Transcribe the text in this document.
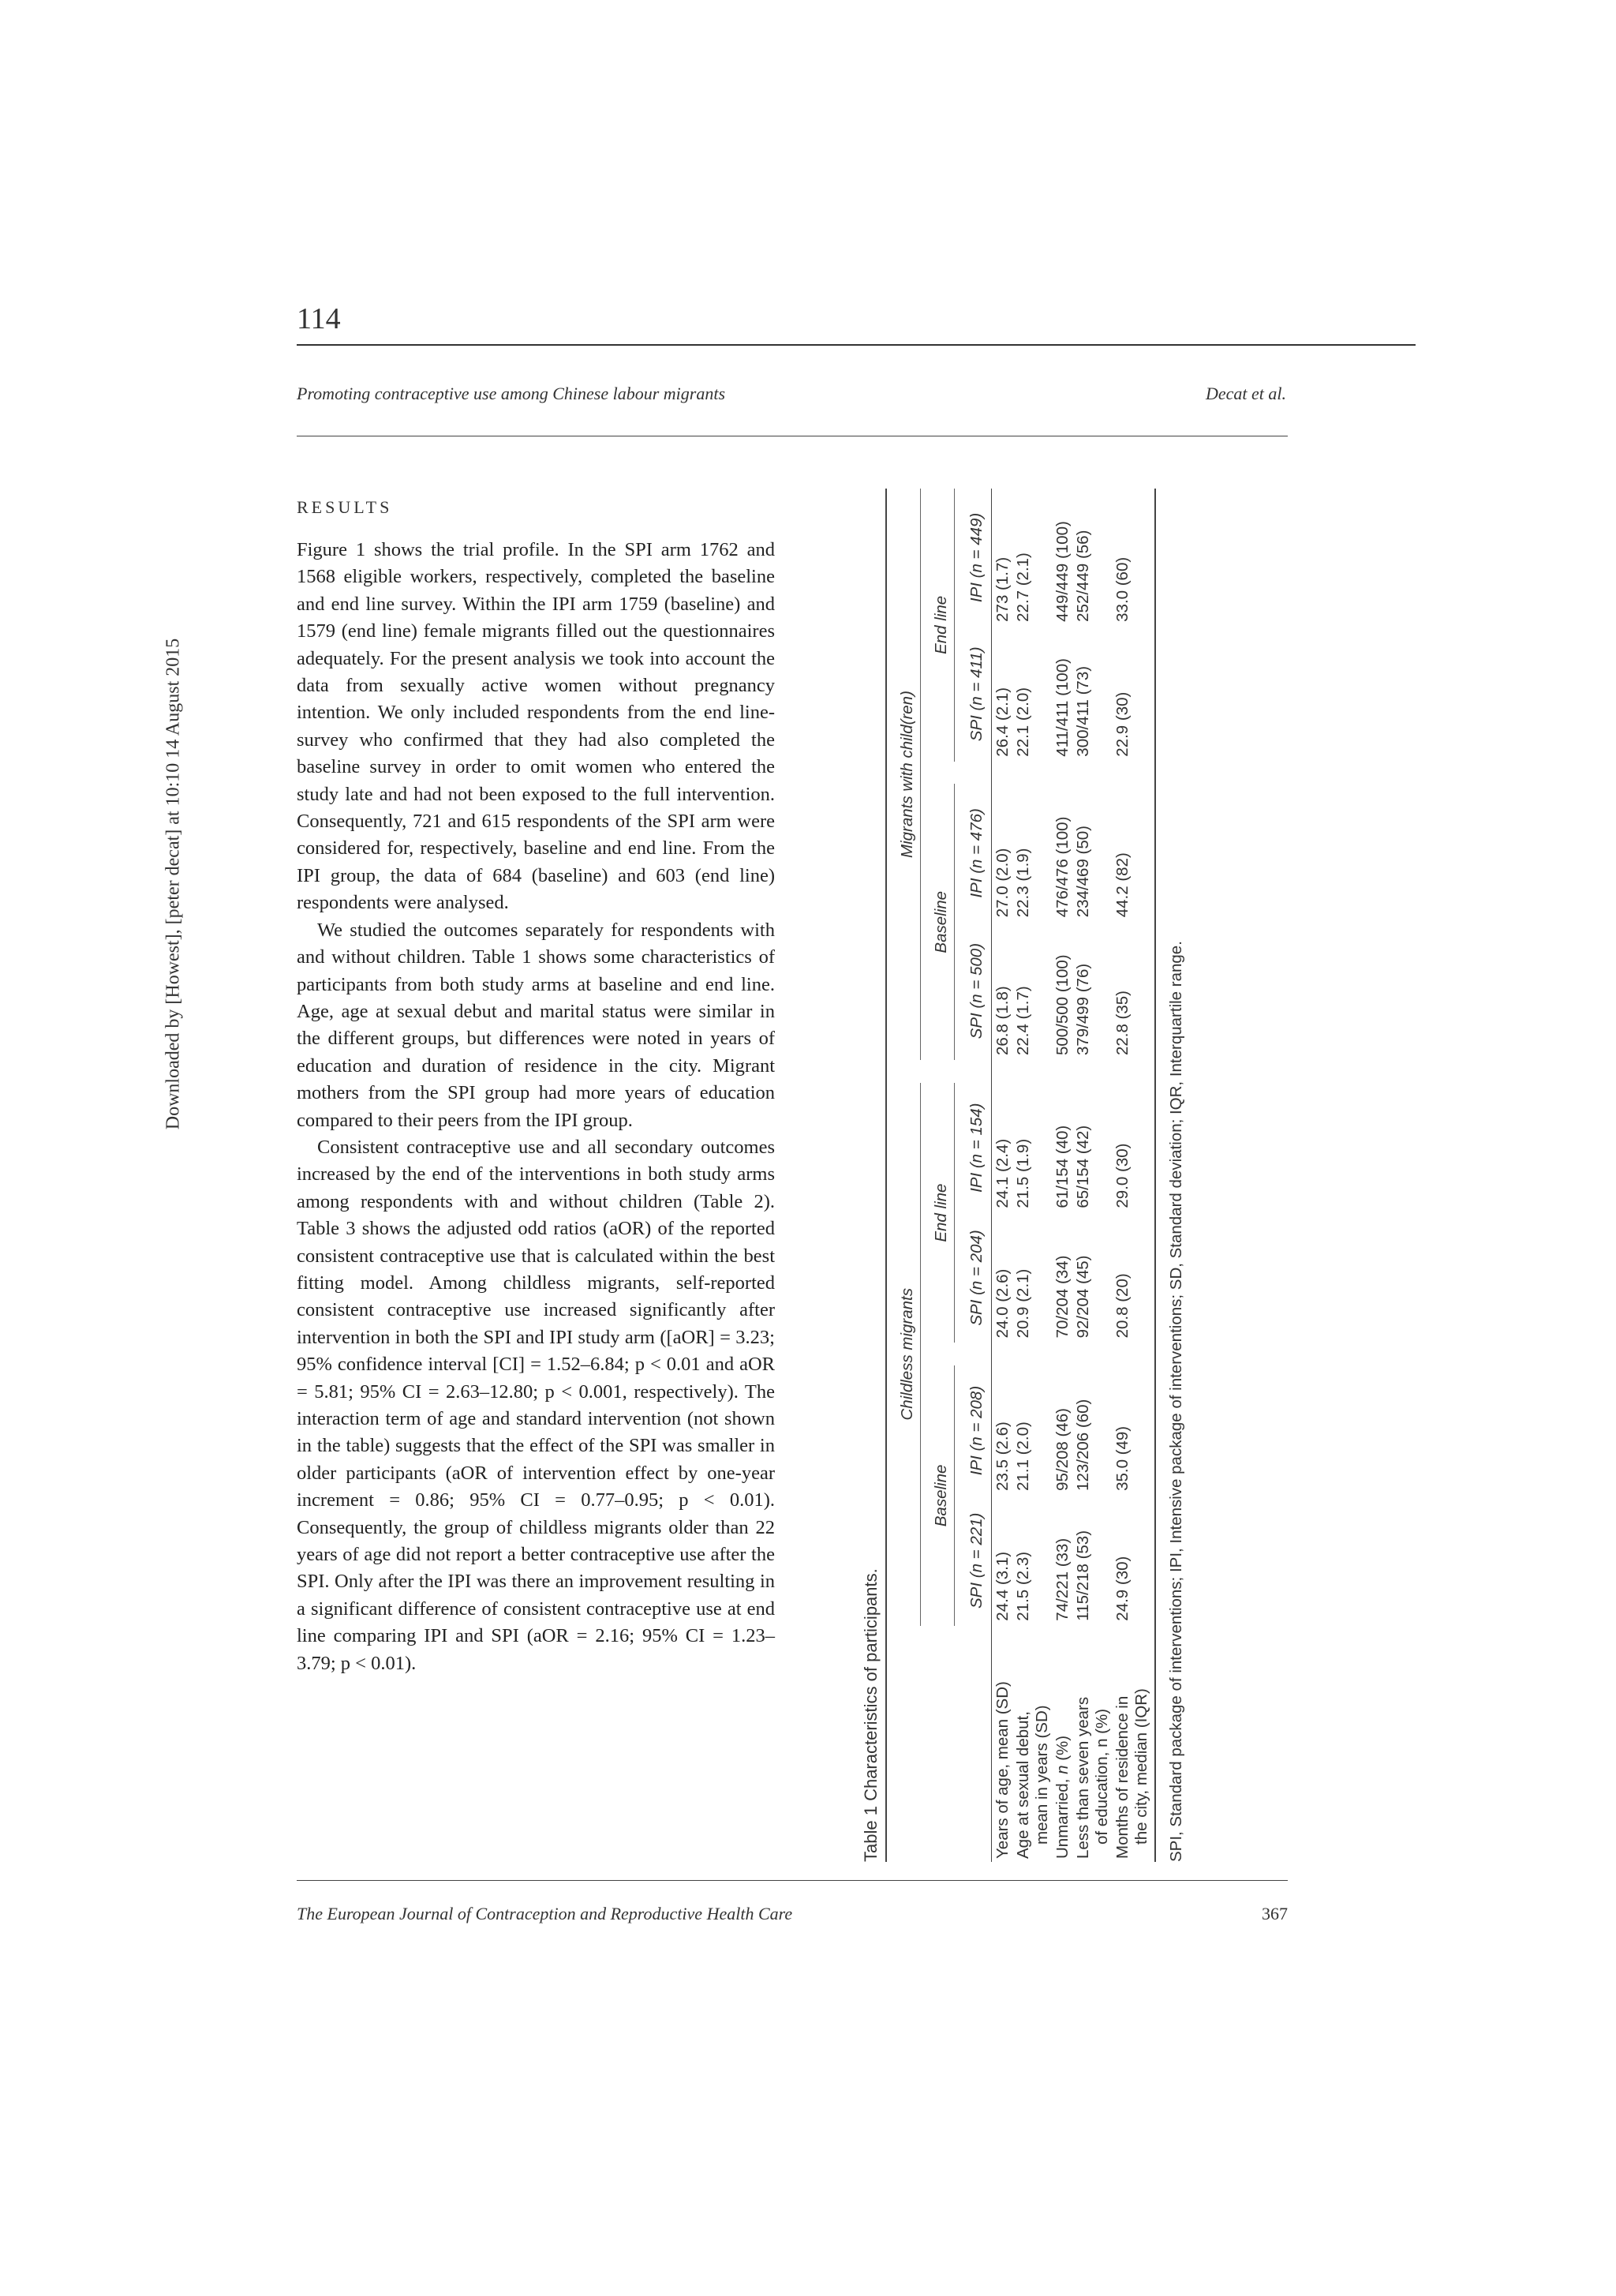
114
Promoting contraceptive use among Chinese labour migrants	Decat et al.
Downloaded by [Howest], [peter decat] at 10:10 14 August 2015
RESULTS

Figure 1 shows the trial profile. In the SPI arm 1762 and 1568 eligible workers, respectively, completed the baseline and end line survey. Within the IPI arm 1759 (baseline) and 1579 (end line) female migrants filled out the questionnaires adequately. For the present analysis we took into account the data from sexually active women without pregnancy intention. We only included respondents from the end line-survey who confirmed that they had also completed the baseline survey in order to omit women who entered the study late and had not been exposed to the full intervention. Consequently, 721 and 615 respondents of the SPI arm were considered for, respectively, baseline and end line. From the IPI group, the data of 684 (baseline) and 603 (end line) respondents were analysed.

We studied the outcomes separately for respondents with and without children. Table 1 shows some characteristics of participants from both study arms at baseline and end line. Age, age at sexual debut and marital status were similar in the different groups, but differences were noted in years of education and duration of residence in the city. Migrant mothers from the SPI group had more years of education compared to their peers from the IPI group.

Consistent contraceptive use and all secondary outcomes increased by the end of the interventions in both study arms among respondents with and without children (Table 2). Table 3 shows the adjusted odd ratios (aOR) of the reported consistent contraceptive use that is calculated within the best fitting model. Among childless migrants, self-reported consistent contraceptive use increased significantly after intervention in both the SPI and IPI study arm ([aOR] = 3.23; 95% confidence interval [CI] = 1.52–6.84; p < 0.01 and aOR = 5.81; 95% CI = 2.63–12.80; p < 0.001, respectively). The interaction term of age and standard intervention (not shown in the table) suggests that the effect of the SPI was smaller in older participants (aOR of intervention effect by one-year increment = 0.86; 95% CI = 0.77–0.95; p < 0.01). Consequently, the group of childless migrants older than 22 years of age did not report a better contraceptive use after the SPI. Only after the IPI was there an improvement resulting in a significant difference of consistent contraceptive use at end line comparing IPI and SPI (aOR = 2.16; 95% CI = 1.23–3.79; p < 0.01).

Table 1 Characteristics of participants.
	Childless migrants						Migrants with child(ren)				
	Baseline			End line			Baseline			End line	
	SPI (n = 221)	IPI (n = 208)		SPI (n = 204)	IPI (n = 154)		SPI (n = 500)	IPI (n = 476)		SPI (n = 411)	IPI (n = 449)
Years of age, mean (SD)	24.4 (3.1)	23.5 (2.6)		24.0 (2.6)	24.1 (2.4)		26.8 (1.8)	27.0 (2.0)		26.4 (2.1)	273 (1.7)
Age at sexual debut,
mean in years (SD)	21.5 (2.3)	21.1 (2.0)		20.9 (2.1)	21.5 (1.9)		22.4 (1.7)	22.3 (1.9)		22.1 (2.0)	22.7 (2.1)
Unmarried, n (%)	74/221 (33)	95/208 (46)		70/204 (34)	61/154 (40)		500/500 (100)	476/476 (100)		411/411 (100)	449/449 (100)
Less than seven years
of education, n (%)	115/218 (53)	123/206 (60)		92/204 (45)	65/154 (42)		379/499 (76)	234/469 (50)		300/411 (73)	252/449 (56)
Months of residence in
the city, median (IQR)	24.9 (30)	35.0 (49)		20.8 (20)	29.0 (30)		22.8 (35)	44.2 (82)		22.9 (30)	33.0 (60)
SPI, Standard package of interventions; IPI, Intensive package of interventions; SD, Standard deviation; IQR, Interquartile range.
The European Journal of Contraception and Reproductive Health Care	367
